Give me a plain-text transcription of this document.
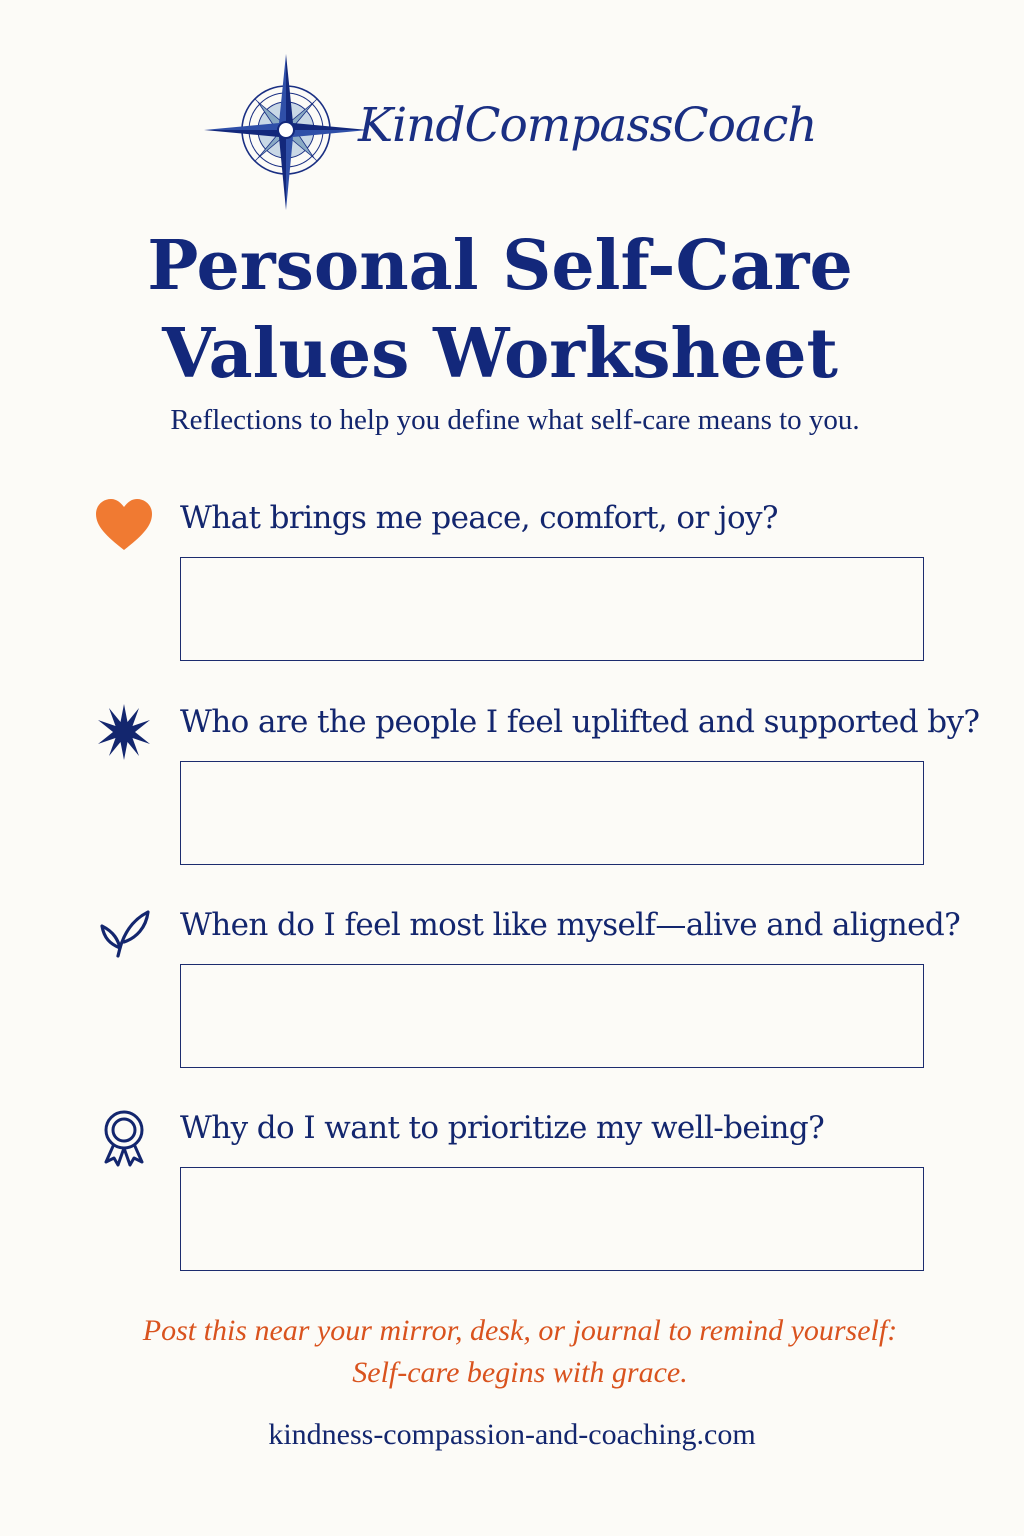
KindCompassCoach
Personal Self-Care
Values Worksheet

Reflections to help you define what self-care means to you.

What brings me peace, comfort, or joy?

Who are the people I feel uplifted and supported by?

When do I feel most like myself—alive and aligned?

Why do I want to prioritize my well-being?

Post this near your mirror, desk, or journal to remind yourself:
Self-care begins with grace.

kindness-compassion-and-coaching.com
